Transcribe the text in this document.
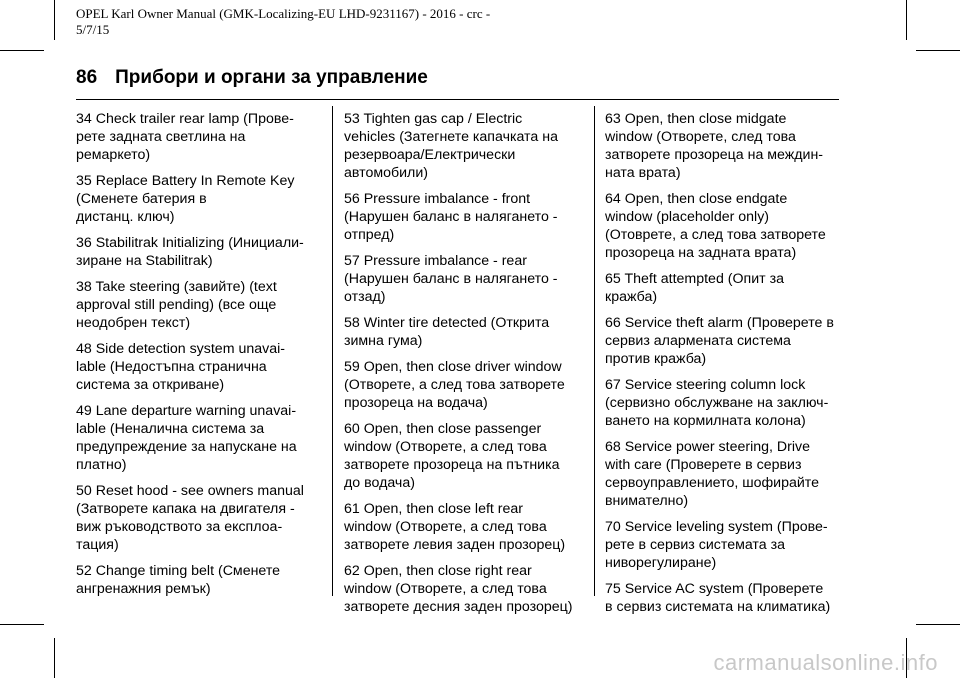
OPEL Karl Owner Manual (GMK-Localizing-EU LHD-9231167) - 2016 - crc -
5/7/15
86 Прибори и органи за управление

34 Check trailer rear lamp (Прове-
рете задната светлина на
ремаркето)

35 Replace Battery In Remote Key
(Сменете батерия в
дистанц. ключ)

36 Stabilitrak Initializing (Инициали-
зиране на Stabilitrak)

38 Take steering (завийте) (text
approval still pending) (все още
неодобрен текст)

48 Side detection system unavai-
lable (Недостъпна странична
система за откриване)

49 Lane departure warning unavai-
lable (Неналична система за
предупреждение за напускане на
платно)

50 Reset hood - see owners manual
(Затворете капака на двигателя -
виж ръководството за експлоа-
тация)

52 Change timing belt (Сменете
ангренажния ремък)

53 Tighten gas cap / Electric
vehicles (Затегнете капачката на
резервоара/Електрически
автомобили)

56 Pressure imbalance - front
(Нарушен баланс в налягането -
отпред)

57 Pressure imbalance - rear
(Нарушен баланс в налягането -
отзад)

58 Winter tire detected (Открита
зимна гума)

59 Open, then close driver window
(Отворете, а след това затворете
прозореца на водача)

60 Open, then close passenger
window (Отворете, а след това
затворете прозореца на пътника
до водача)

61 Open, then close left rear
window (Отворете, а след това
затворете левия заден прозорец)

62 Open, then close right rear
window (Отворете, а след това
затворете десния заден прозорец)

63 Open, then close midgate
window (Отворете, след това
затворете прозореца на междин-
ната врата)

64 Open, then close endgate
window (placeholder only)
(Отоврете, а след това затворете
прозореца на задната врата)

65 Theft attempted (Опит за
кражба)

66 Service theft alarm (Проверете в
сервиз алармената система
против кражба)

67 Service steering column lock
(сервизно обслужване на заключ-
ването на кормилната колона)

68 Service power steering, Drive
with care (Проверете в сервиз
сервоуправлението, шофирайте
внимателно)

70 Service leveling system (Прове-
рете в сервиз системата за
ниворегулиране)

75 Service AC system (Проверете
в сервиз системата на климатика)

carmanualsonline.info
